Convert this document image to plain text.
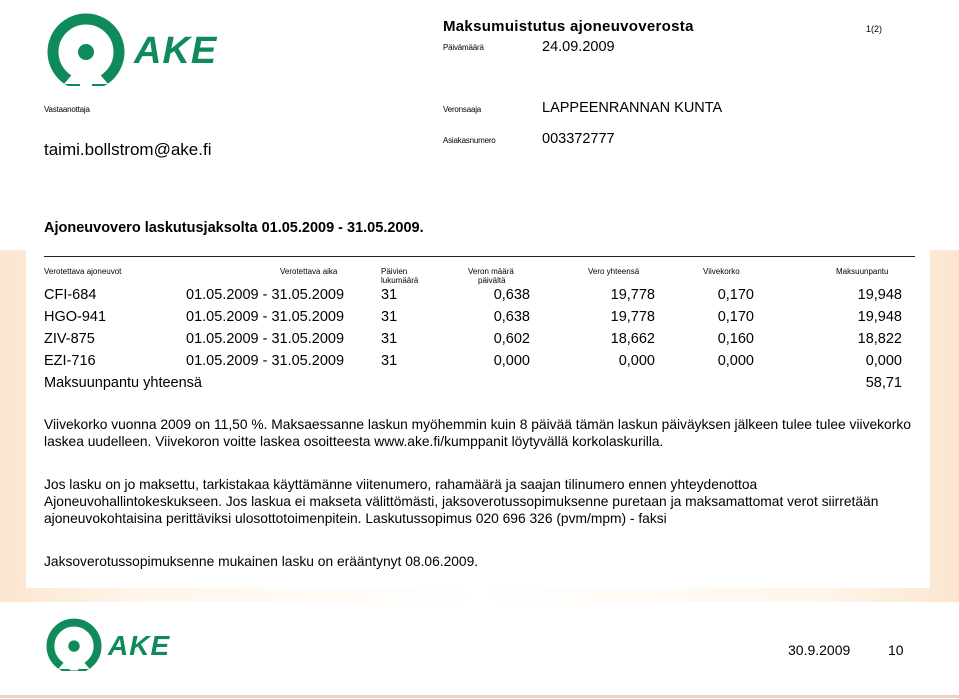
AKE
Maksumuistutus ajoneuvoverosta	1(2)
Päivämäärä	24.09.2009
Vastaanottaja
taimi.bollstrom@ake.fi
Veronsaaja	LAPPEENRANNAN KUNTA
Asiakasnumero	003372777
Ajoneuvovero laskutusjaksolta 01.05.2009 - 31.05.2009.
Verotettava ajoneuvot	Verotettava aika	Päivien
lukumäärä
Veron määrä
päivältä
Vero yhteensä	Viivekorko	Maksuunpantu
CFI-684	01.05.2009 - 31.05.2009	31	0,638	19,778	0,170	19,948
HGO-941	01.05.2009 - 31.05.2009	31	0,638	19,778	0,170	19,948
ZIV-875	01.05.2009 - 31.05.2009	31	0,602	18,662	0,160	18,822
EZI-716	01.05.2009 - 31.05.2009	31	0,000	0,000	0,000	0,000
Maksuunpantu yhteensä	58,71
Viivekorko vuonna 2009 on 11,50 %. Maksaessanne laskun myöhemmin kuin 8 päivää tämän laskun päiväyksen jälkeen tulee tulee viivekorko laskea uudelleen. Viivekoron voitte laskea osoitteesta www.ake.fi/kumppanit löytyvällä korkolaskurilla.
Jos lasku on jo maksettu, tarkistakaa käyttämänne viitenumero, rahamäärä ja saajan tilinumero ennen yhteydenottoa Ajoneuvohallintokeskukseen. Jos laskua ei makseta välittömästi, jaksoverotussopimuksenne puretaan ja maksamattomat verot siirretään ajoneuvokohtaisina perittäviksi ulosottotoimenpitein. Laskutussopimus 020 696 326 (pvm/mpm) - faksi
Jaksoverotussopimuksenne mukainen lasku on erääntynyt 08.06.2009.
AKE	30.9.2009	10
